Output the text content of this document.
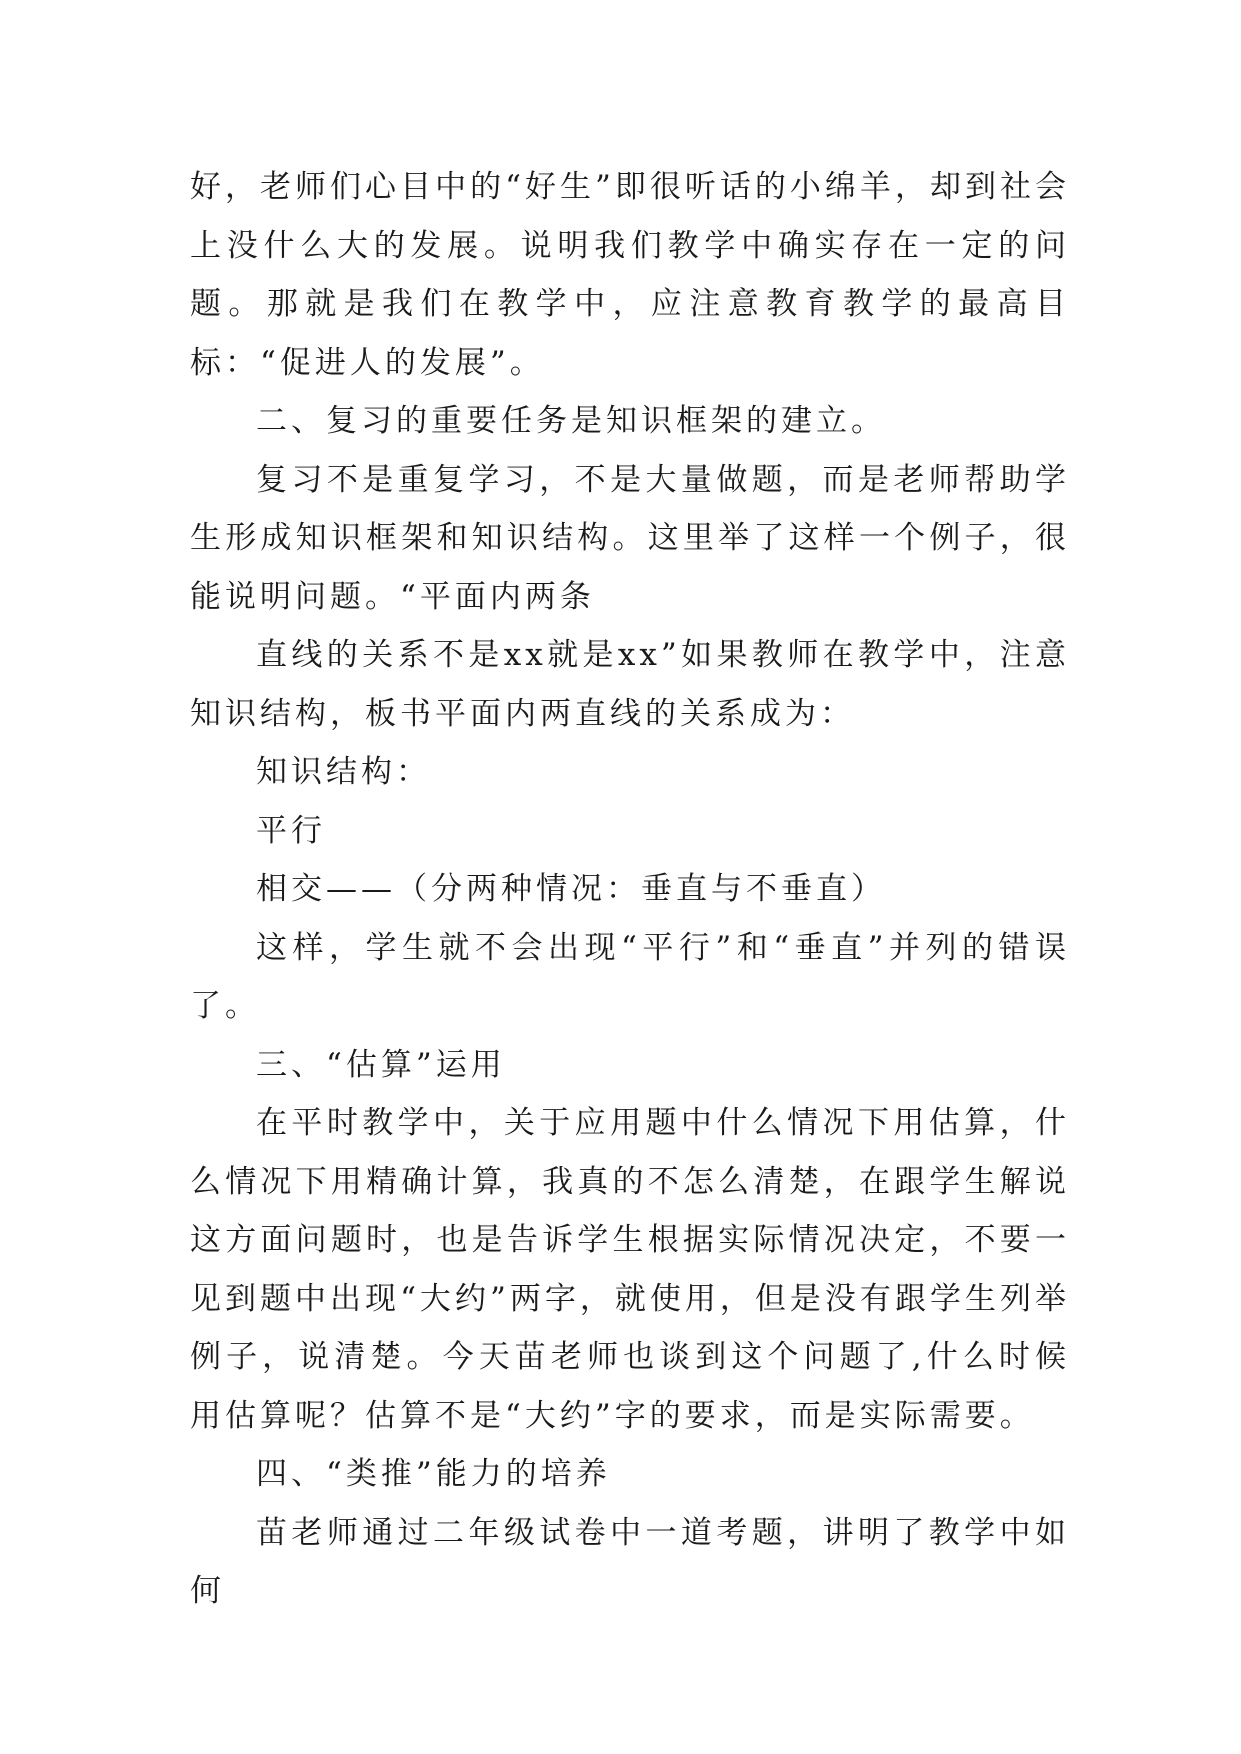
好，老师们心目中的“好生”即很听话的小绵羊，却到社会上没什么大的发展。说明我们教学中确实存在一定的问题。那就是我们在教学中，应注意教育教学的最高目标：“促进人的发展”。

二、复习的重要任务是知识框架的建立。

复习不是重复学习，不是大量做题，而是老师帮助学生形成知识框架和知识结构。这里举了这样一个例子，很能说明问题。“平面内两条

直线的关系不是xx就是xx”如果教师在教学中，注意知识结构，板书平面内两直线的关系成为：

知识结构：

平行

相交——（分两种情况：垂直与不垂直）

这样，学生就不会出现“平行”和“垂直”并列的错误了。

三、“估算”运用

在平时教学中，关于应用题中什么情况下用估算，什么情况下用精确计算，我真的不怎么清楚，在跟学生解说这方面问题时，也是告诉学生根据实际情况决定，不要一见到题中出现“大约”两字，就使用，但是没有跟学生列举例子，说清楚。今天苗老师也谈到这个问题了,什么时候用估算呢？估算不是“大约”字的要求，而是实际需要。

四、“类推”能力的培养

苗老师通过二年级试卷中一道考题，讲明了教学中如何
